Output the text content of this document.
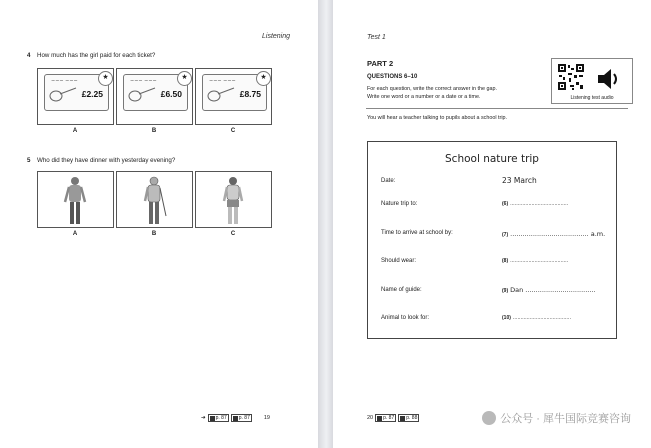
Listening
4 How much has the girl paid for each ticket?
★
~~~ ~~~
£2.25
A
★
~~~ ~~~
£6.50
B
★
~~~ ~~~
£8.75
C
5 Who did they have dinner with yesterday evening?
A	B	C
➔ p. 87 p. 87	19
Test 1
PART 2
QUESTIONS 6–10
For each question, write the correct answer in the gap.
Write one word or a number or a date or a time.	Listening test audio
You will hear a teacher talking to pupils about a school trip.
School nature trip
Date:	23 March
Nature trip to:	(6) ......................................
Time to arrive at school by:	(7) ...................................... a.m.
Should wear:	(8) ......................................
Name of guide:	(9) Dan ..................................
Animal to look for:	(10) ......................................
20 p. 87 p. 88	公众号 · 犀牛国际竞赛咨询
